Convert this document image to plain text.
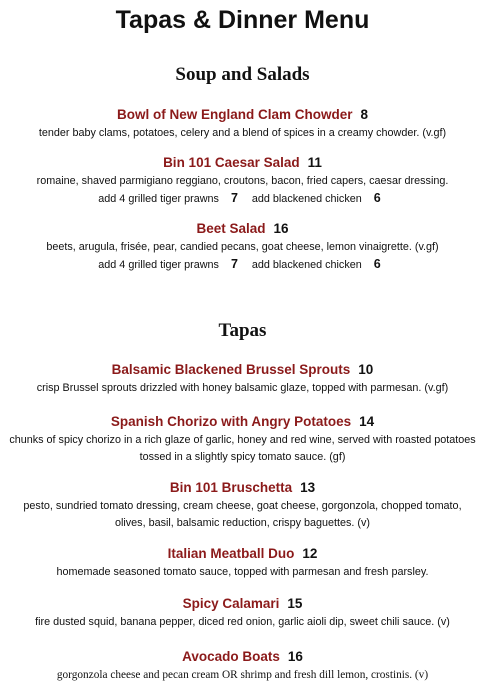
Tapas & Dinner Menu
Soup and Salads
Bowl of New England Clam Chowder 8
tender baby clams, potatoes, celery and a blend of spices in a creamy chowder. (v.gf)
Bin 101 Caesar Salad 11
romaine, shaved parmigiano reggiano, croutons, bacon, fried capers, caesar dressing.
add 4 grilled tiger prawns 7 add blackened chicken 6
Beet Salad 16
beets, arugula, frisée, pear, candied pecans, goat cheese, lemon vinaigrette. (v.gf)
add 4 grilled tiger prawns 7 add blackened chicken 6
Tapas
Balsamic Blackened Brussel Sprouts 10
crisp Brussel sprouts drizzled with honey balsamic glaze, topped with parmesan. (v.gf)
Spanish Chorizo with Angry Potatoes 14
chunks of spicy chorizo in a rich glaze of garlic, honey and red wine, served with roasted potatoes tossed in a slightly spicy tomato sauce. (gf)
Bin 101 Bruschetta 13
pesto, sundried tomato dressing, cream cheese, goat cheese, gorgonzola, chopped tomato, olives, basil, balsamic reduction, crispy baguettes. (v)
Italian Meatball Duo 12
homemade seasoned tomato sauce, topped with parmesan and fresh parsley.
Spicy Calamari 15
fire dusted squid, banana pepper, diced red onion, garlic aioli dip, sweet chili sauce. (v)
Avocado Boats 16
gorgonzola cheese and pecan cream OR shrimp and fresh dill lemon, crostinis. (v)
